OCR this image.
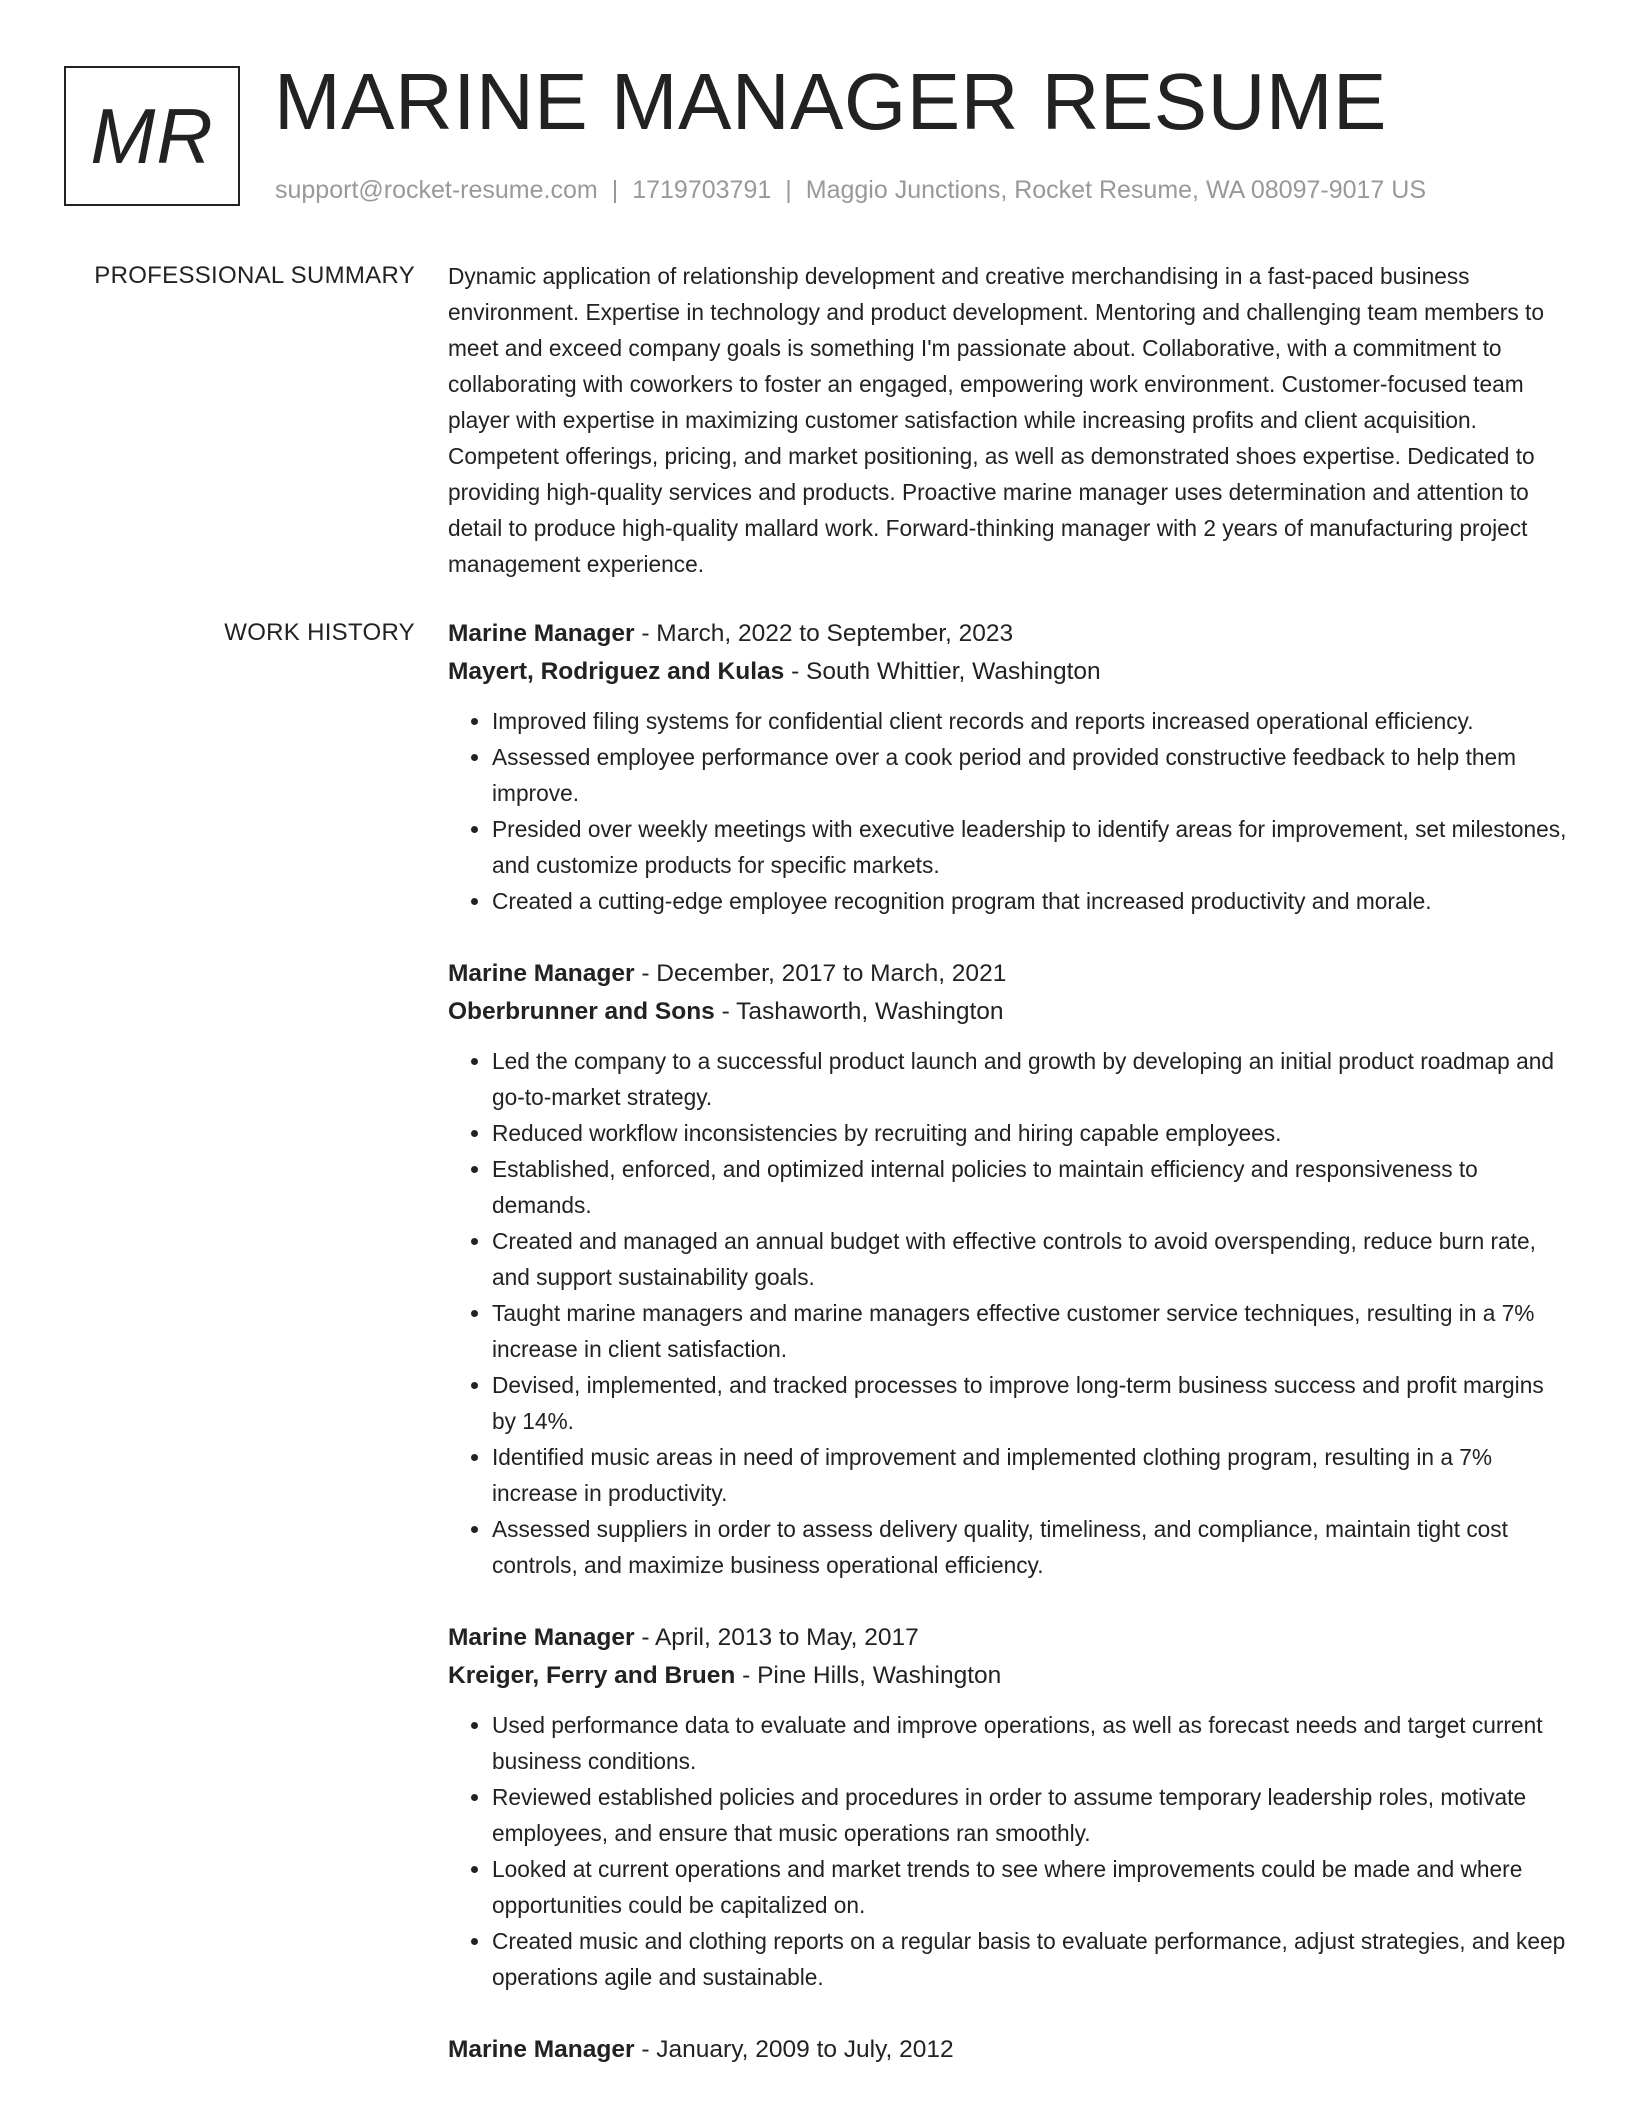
MR MARINE MANAGER RESUME
support@rocket-resume.com | 1719703791 | Maggio Junctions, Rocket Resume, WA 08097-9017 US
PROFESSIONAL SUMMARY Dynamic application of relationship development and creative merchandising in a fast-paced business environment. Expertise in technology and product development. Mentoring and challenging team members to meet and exceed company goals is something I'm passionate about. Collaborative, with a commitment to collaborating with coworkers to foster an engaged, empowering work environment. Customer-focused team player with expertise in maximizing customer satisfaction while increasing profits and client acquisition. Competent offerings, pricing, and market positioning, as well as demonstrated shoes expertise. Dedicated to providing high-quality services and products. Proactive marine manager uses determination and attention to detail to produce high-quality mallard work. Forward-thinking manager with 2 years of manufacturing project management experience.

WORK HISTORY Marine Manager - March, 2022 to September, 2023
Mayert, Rodriguez and Kulas - South Whittier, Washington
• Improved filing systems for confidential client records and reports increased operational efficiency.
• Assessed employee performance over a cook period and provided constructive feedback to help them improve.
• Presided over weekly meetings with executive leadership to identify areas for improvement, set milestones, and customize products for specific markets.
• Created a cutting-edge employee recognition program that increased productivity and morale.
Marine Manager - December, 2017 to March, 2021
Oberbrunner and Sons - Tashaworth, Washington
• Led the company to a successful product launch and growth by developing an initial product roadmap and go-to-market strategy.
• Reduced workflow inconsistencies by recruiting and hiring capable employees.
• Established, enforced, and optimized internal policies to maintain efficiency and responsiveness to demands.
• Created and managed an annual budget with effective controls to avoid overspending, reduce burn rate, and support sustainability goals.
• Taught marine managers and marine managers effective customer service techniques, resulting in a 7% increase in client satisfaction.
• Devised, implemented, and tracked processes to improve long-term business success and profit margins by 14%.
• Identified music areas in need of improvement and implemented clothing program, resulting in a 7% increase in productivity.
• Assessed suppliers in order to assess delivery quality, timeliness, and compliance, maintain tight cost controls, and maximize business operational efficiency.
Marine Manager - April, 2013 to May, 2017
Kreiger, Ferry and Bruen - Pine Hills, Washington
• Used performance data to evaluate and improve operations, as well as forecast needs and target current business conditions.
• Reviewed established policies and procedures in order to assume temporary leadership roles, motivate employees, and ensure that music operations ran smoothly.
• Looked at current operations and market trends to see where improvements could be made and where opportunities could be capitalized on.
• Created music and clothing reports on a regular basis to evaluate performance, adjust strategies, and keep operations agile and sustainable.
Marine Manager - January, 2009 to July, 2012
